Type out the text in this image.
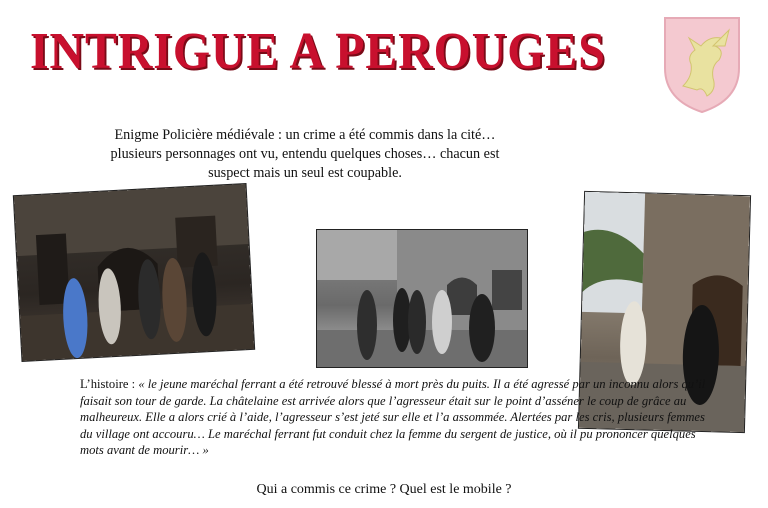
INTRIGUE A PEROUGES
Enigme Policière médiévale : un crime a été commis dans la cité… plusieurs personnages ont vu, entendu quelques choses… chacun est suspect mais un seul est coupable.
L’histoire : « le jeune maréchal ferrant a été retrouvé blessé à mort près du puits. Il a été agressé par un inconnu alors qu’il faisait son tour de garde. La châtelaine est arrivée alors que l’agresseur était sur le point d’asséner le coup de grâce au malheureux. Elle a alors crié à l’aide, l’agresseur s’est jeté sur elle et l’a assommée. Alertées par les cris, plusieurs femmes du village ont accouru… Le maréchal ferrant fut conduit chez la femme du sergent de justice, où il pu prononcer quelques mots avant de mourir… »
Qui a commis ce crime ? Quel est le mobile ?
